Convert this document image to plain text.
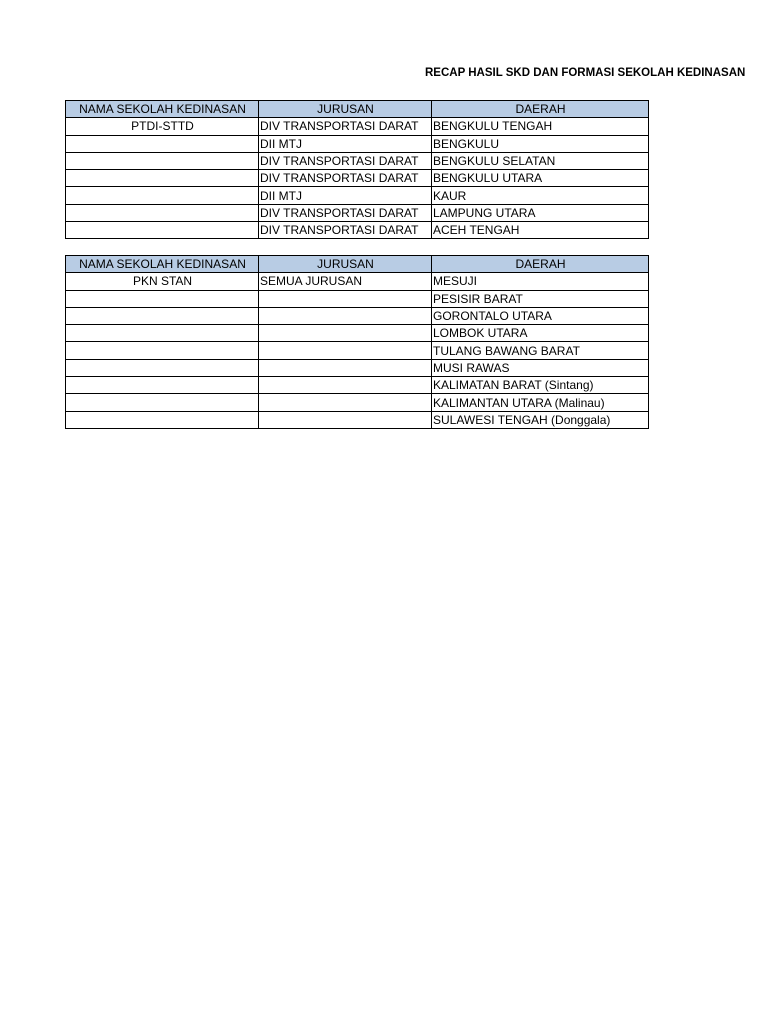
RECAP HASIL SKD DAN FORMASI SEKOLAH KEDINASAN
NAMA SEKOLAH KEDINASAN	JURUSAN	DAERAH
PTDI-STTD	DIV TRANSPORTASI DARAT	BENGKULU TENGAH
	DII MTJ	BENGKULU
	DIV TRANSPORTASI DARAT	BENGKULU SELATAN
	DIV TRANSPORTASI DARAT	BENGKULU UTARA
	DII MTJ	KAUR
	DIV TRANSPORTASI DARAT	LAMPUNG UTARA
	DIV TRANSPORTASI DARAT	ACEH TENGAH
NAMA SEKOLAH KEDINASAN	JURUSAN	DAERAH
PKN STAN	SEMUA JURUSAN	MESUJI
		PESISIR BARAT
		GORONTALO UTARA
		LOMBOK UTARA
		TULANG BAWANG BARAT
		MUSI RAWAS
		KALIMATAN BARAT (Sintang)
		KALIMANTAN UTARA (Malinau)
		SULAWESI TENGAH (Donggala)
